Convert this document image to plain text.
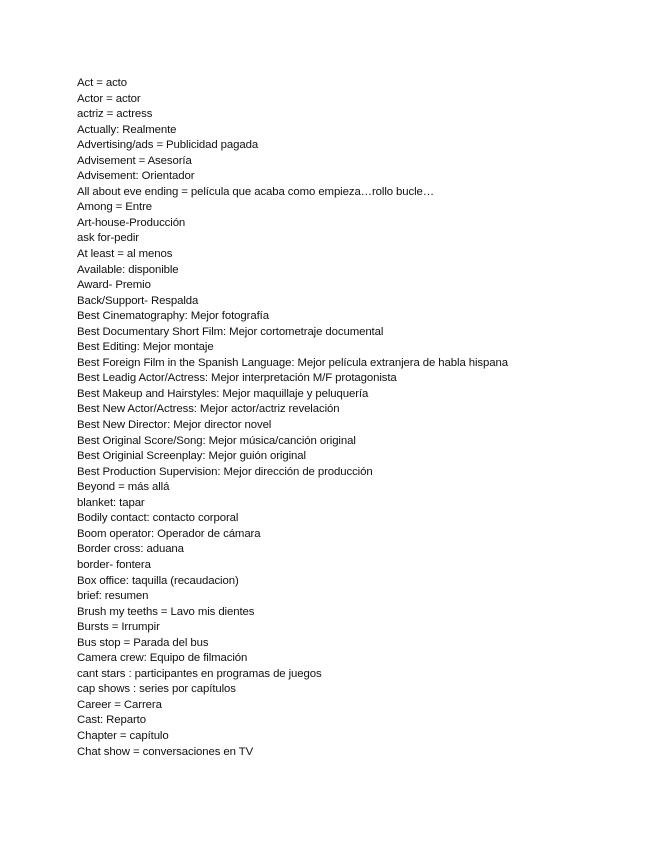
Act = acto
Actor = actor
actriz = actress
Actually: Realmente
Advertising/ads = Publicidad pagada
Advisement = Asesoría
Advisement: Orientador
All about eve ending = película que acaba como empieza…rollo bucle…
Among = Entre
Art-house-Producción
ask for-pedir
At least = al menos
Available: disponible
Award- Premio
Back/Support- Respalda
Best Cinematography: Mejor fotografía
Best Documentary Short Film: Mejor cortometraje documental
Best Editing: Mejor montaje
Best Foreign Film in the Spanish Language: Mejor película extranjera de habla hispana
Best Leadig Actor/Actress: Mejor interpretación M/F protagonista
Best Makeup and Hairstyles: Mejor maquillaje y peluquería
Best New Actor/Actress: Mejor actor/actriz revelación
Best New Director: Mejor director novel
Best Original Score/Song: Mejor música/canción original
Best Originial Screenplay: Mejor guión original
Best Production Supervision: Mejor dirección de producción
Beyond = más allá
blanket: tapar
Bodily contact: contacto corporal
Boom operator: Operador de cámara
Border cross: aduana
border- fontera
Box office: taquilla (recaudacion)
brief: resumen
Brush my teeths = Lavo mis dientes
Bursts = Irrumpir
Bus stop = Parada del bus
Camera crew: Equipo de filmación
cant stars : participantes en programas de juegos
cap shows : series por capítulos
Career = Carrera
Cast: Reparto
Chapter = capítulo
Chat show = conversaciones en TV
